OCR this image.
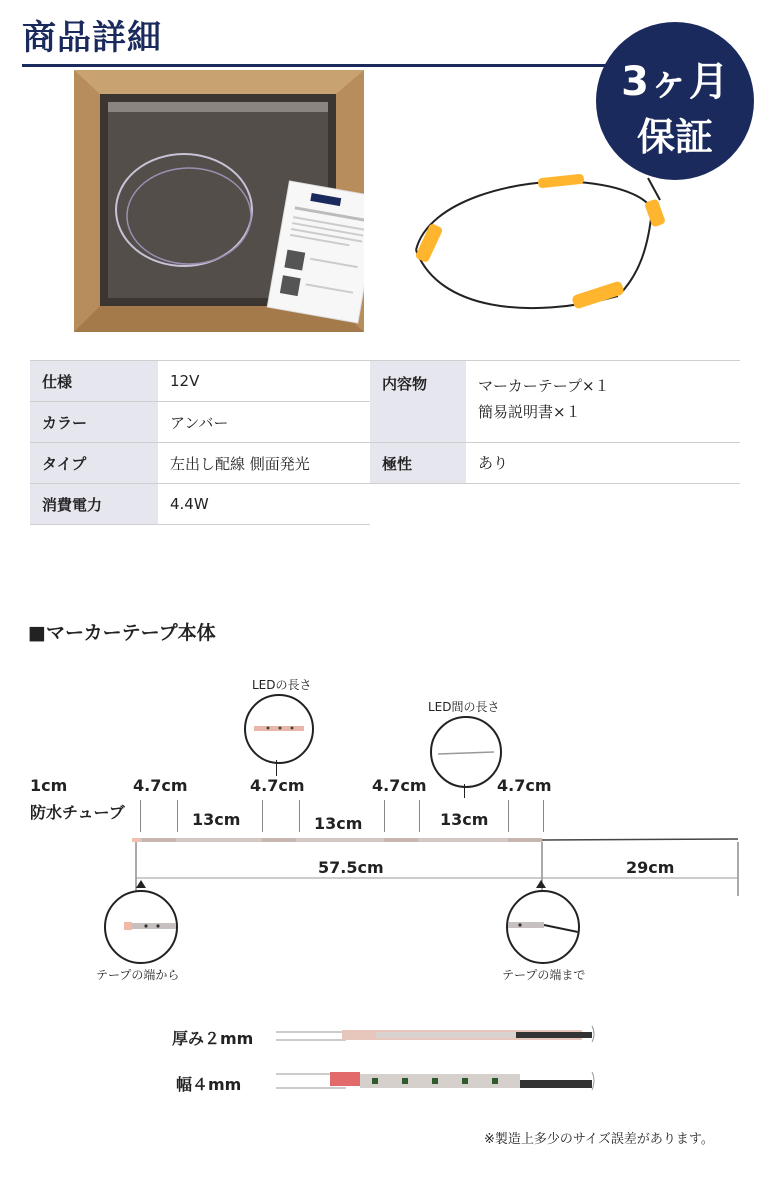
商品詳細
3ヶ月
保証
仕様	12V	内容物	マーカーテープ×１
簡易説明書×１

カラー	アンバー		
タイプ	左出し配線 側面発光	極性	あり
消費電力	4.4W		
■マーカーテープ本体
LEDの長さ
LED間の長さ
1cm
防水チューブ
4.7cm	4.7cm	4.7cm	4.7cm
13cm	13cm	13cm
57.5cm	29cm
テープの端から	テープの端まで
厚み２mm
幅４mm
※製造上多少のサイズ誤差があります。
